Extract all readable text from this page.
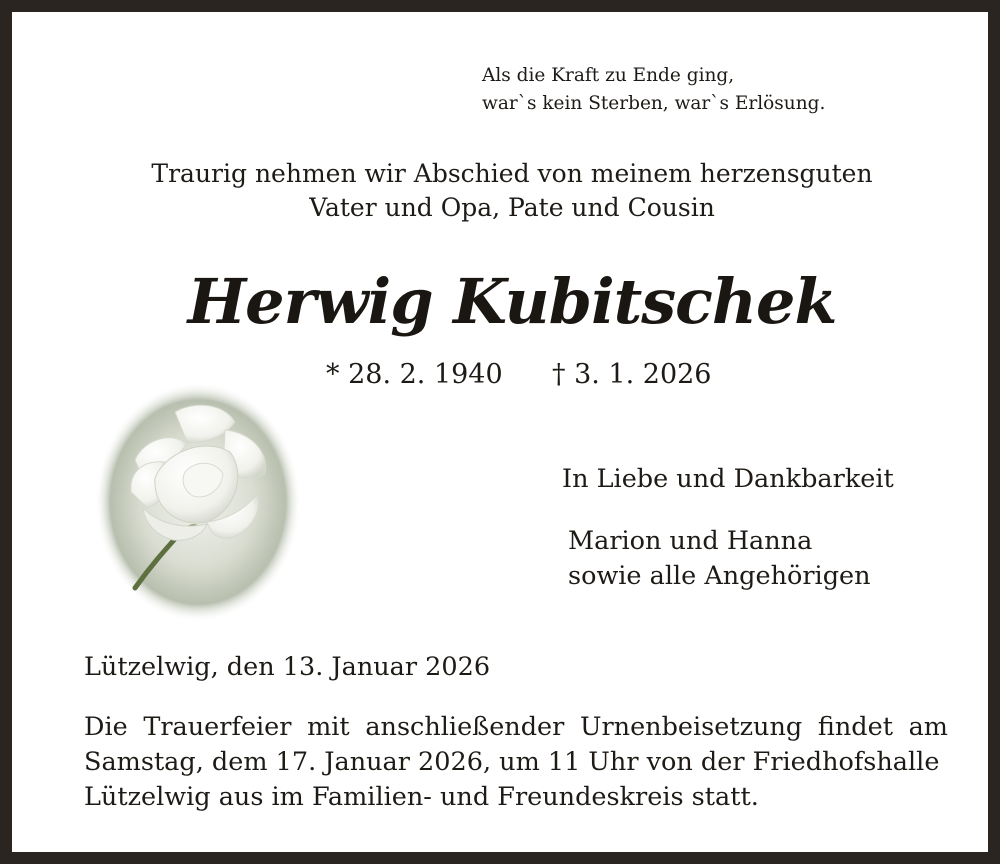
Als die Kraft zu Ende ging,
war`s kein Sterben, war`s Erlösung.
Traurig nehmen wir Abschied von meinem herzensguten
Vater und Opa, Pate und Cousin
Herwig Kubitschek
* 28. 2. 1940 † 3. 1. 2026
In Liebe und Dankbarkeit
Marion und Hanna
sowie alle Angehörigen
Lützelwig, den 13. Januar 2026
Die Trauerfeier mit anschließender Urnenbeisetzung findet am
Samstag, dem 17. Januar 2026, um 11 Uhr von der Friedhofshalle
Lützelwig aus im Familien- und Freundeskreis statt.
